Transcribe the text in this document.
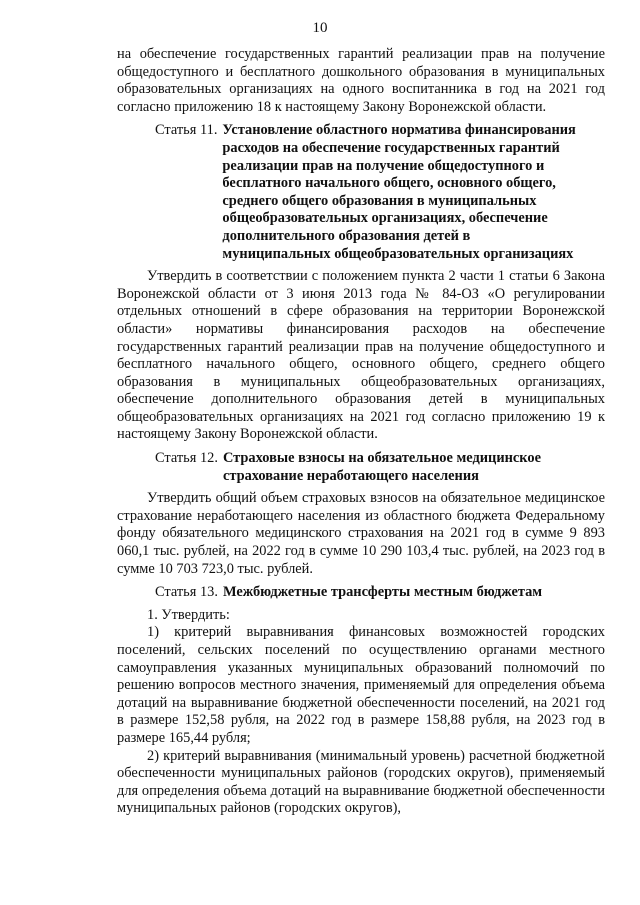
10

на обеспечение государственных гарантий реализации прав на получение общедоступного и бесплатного дошкольного образования в муниципальных образовательных организациях на одного воспитанника в год на 2021 год согласно приложению 18 к настоящему Закону Воронежской области.

Статья 11. Установление областного норматива финансирования расходов на обеспечение государственных гарантий реализации прав на получение общедоступного и бесплатного начального общего, основного общего, среднего общего образования в муниципальных общеобразовательных организациях, обеспечение дополнительного образования детей в муниципальных общеобразовательных организациях

Утвердить в соответствии с положением пункта 2 части 1 статьи 6 Закона Воронежской области от 3 июня 2013 года № 84-ОЗ «О регулировании отдельных отношений в сфере образования на территории Воронежской области» нормативы финансирования расходов на обеспечение государственных гарантий реализации прав на получение общедоступного и бесплатного начального общего, основного общего, среднего общего образования в муниципальных общеобразовательных организациях, обеспечение дополнительного образования детей в муниципальных общеобразовательных организациях на 2021 год согласно приложению 19 к настоящему Закону Воронежской области.

Статья 12. Страховые взносы на обязательное медицинское страхование неработающего населения

Утвердить общий объем страховых взносов на обязательное медицинское страхование неработающего населения из областного бюджета Федеральному фонду обязательного медицинского страхования на 2021 год в сумме 9 893 060,1 тыс. рублей, на 2022 год в сумме 10 290 103,4 тыс. рублей, на 2023 год в сумме 10 703 723,0 тыс. рублей.

Статья 13. Межбюджетные трансферты местным бюджетам

1. Утвердить:

1) критерий выравнивания финансовых возможностей городских поселений, сельских поселений по осуществлению органами местного самоуправления указанных муниципальных образований полномочий по решению вопросов местного значения, применяемый для определения объема дотаций на выравнивание бюджетной обеспеченности поселений, на 2021 год в размере 152,58 рубля, на 2022 год в размере 158,88 рубля, на 2023 год в размере 165,44 рубля;

2) критерий выравнивания (минимальный уровень) расчетной бюджетной обеспеченности муниципальных районов (городских округов), применяемый для определения объема дотаций на выравнивание бюджетной обеспеченности муниципальных районов (городских округов),
